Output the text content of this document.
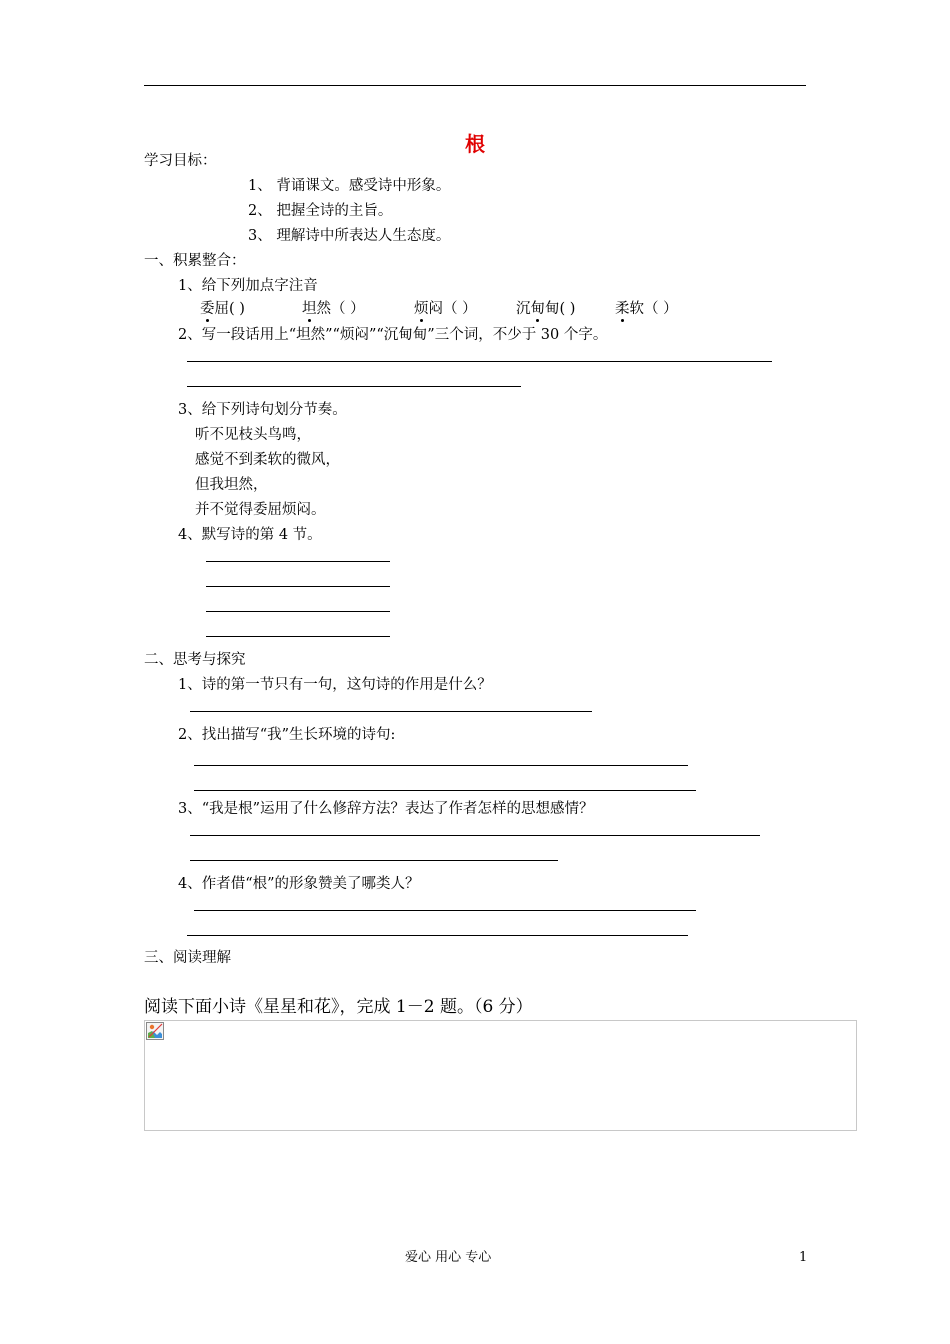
根
学习目标：
1、 背诵课文。感受诗中形象。
2、 把握全诗的主旨。
3、 理解诗中所表达人生态度。
一、积累整合：
1、给下列加点字注音
委屈( )	坦然（ ）	烦闷（ ）	沉甸甸( )	柔软（ ）
2、写一段话用上“坦然”“烦闷”“沉甸甸”三个词，不少于 30 个字。
3、给下列诗句划分节奏。
听不见枝头鸟鸣，
感觉不到柔软的微风，
但我坦然，
并不觉得委屈烦闷。
4、默写诗的第 4 节。
二、思考与探究
1、诗的第一节只有一句，这句诗的作用是什么？
2、找出描写“我”生长环境的诗句:
3、“我是根”运用了什么修辞方法？表达了作者怎样的思想感情？
4、作者借“根”的形象赞美了哪类人？
三、阅读理解
阅读下面小诗《星星和花》，完成 1－2 题。（6 分）
爱心 用心 专心	1
